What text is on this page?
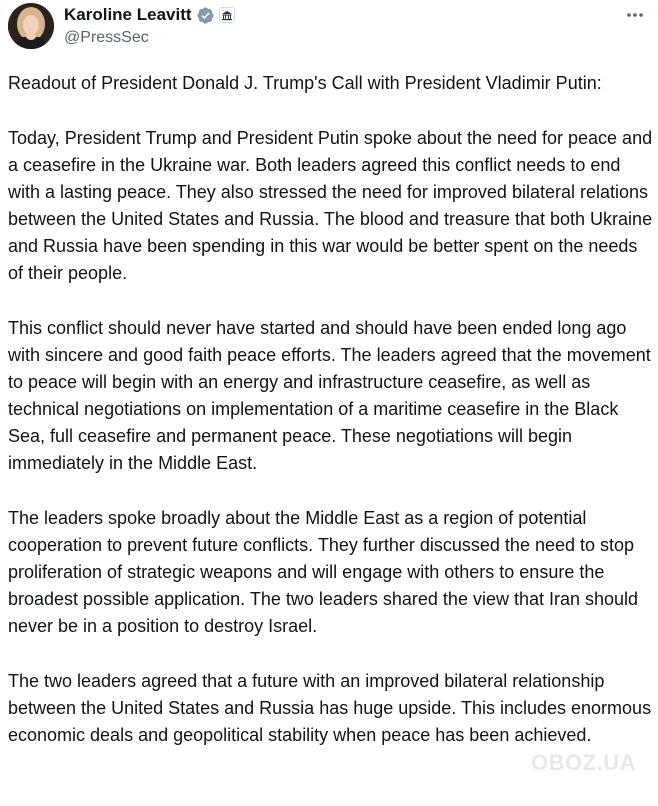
Karoline Leavitt
@PressSec

Readout of President Donald J. Trump's Call with President Vladimir Putin:

Today, President Trump and President Putin spoke about the need for peace and a ceasefire in the Ukraine war. Both leaders agreed this conflict needs to end with a lasting peace. They also stressed the need for improved bilateral relations between the United States and Russia. The blood and treasure that both Ukraine and Russia have been spending in this war would be better spent on the needs of their people.

This conflict should never have started and should have been ended long ago with sincere and good faith peace efforts. The leaders agreed that the movement to peace will begin with an energy and infrastructure ceasefire, as well as technical negotiations on implementation of a maritime ceasefire in the Black Sea, full ceasefire and permanent peace. These negotiations will begin immediately in the Middle East.

The leaders spoke broadly about the Middle East as a region of potential cooperation to prevent future conflicts. They further discussed the need to stop proliferation of strategic weapons and will engage with others to ensure the broadest possible application. The two leaders shared the view that Iran should never be in a position to destroy Israel.

The two leaders agreed that a future with an improved bilateral relationship between the United States and Russia has huge upside. This includes enormous economic deals and geopolitical stability when peace has been achieved.

OBOZ.UA
